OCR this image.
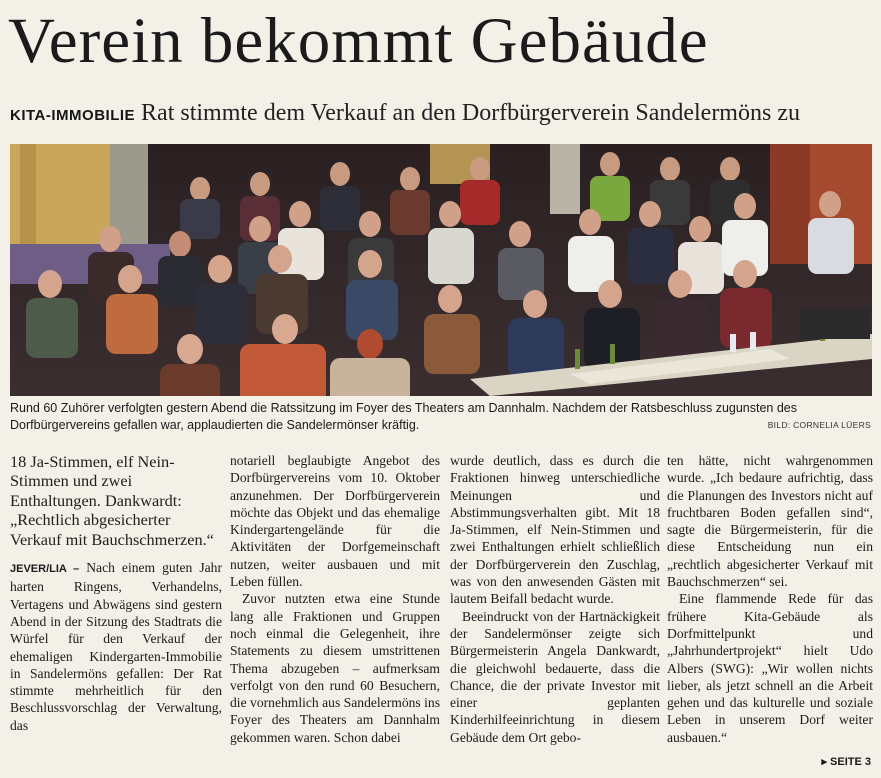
Verein bekommt Gebäude
KITA-IMMOBILIE Rat stimmte dem Verkauf an den Dorfbürgerverein Sandelermöns zu
Rund 60 Zuhörer verfolgten gestern Abend die Ratssitzung im Foyer des Theaters am Dannhalm. Nachdem der Ratsbeschluss zugunsten des Dorfbürgervereins gefallen war, applaudierten die Sandelermönser kräftig.	BILD: CORNELIA LÜERS

18 Ja-Stimmen, elf Nein-Stimmen und zwei Enthaltungen. Dankwardt: „Rechtlich abgesicherter Verkauf mit Bauchschmerzen.“

JEVER/LIA – Nach einem guten Jahr harten Ringens, Verhandelns, Vertagens und Abwägens sind gestern Abend in der Sitzung des Stadtrats die Würfel für den Verkauf der ehemaligen Kindergarten-Immobilie in Sandelermöns gefallen: Der Rat stimmte mehrheitlich für den Beschlussvorschlag der Verwaltung, das

notariell beglaubigte Angebot des Dorfbürgervereins vom 10. Oktober anzunehmen. Der Dorfbürgerverein möchte das Objekt und das ehemalige Kindergartengelände für die Aktivitäten der Dorfgemeinschaft nutzen, weiter ausbauen und mit Leben füllen.

Zuvor nutzten etwa eine Stunde lang alle Fraktionen und Gruppen noch einmal die Gelegenheit, ihre Statements zu diesem umstrittenen Thema abzugeben – aufmerksam verfolgt von den rund 60 Besuchern, die vornehmlich aus Sandelermöns ins Foyer des Theaters am Dannhalm gekommen waren. Schon dabei

wurde deutlich, dass es durch die Fraktionen hinweg unterschiedliche Meinungen und Abstimmungsverhalten gibt. Mit 18 Ja-Stimmen, elf Nein-Stimmen und zwei Enthaltungen erhielt schließlich der Dorfbürgerverein den Zuschlag, was von den anwesenden Gästen mit lautem Beifall bedacht wurde.

Beeindruckt von der Hartnäckigkeit der Sandelermönser zeigte sich Bürgermeisterin Angela Dankwardt, die gleichwohl bedauerte, dass die Chance, die der private Investor mit einer geplanten Kinderhilfeeinrichtung in diesem Gebäude dem Ort gebo-

ten hätte, nicht wahrgenommen wurde. „Ich bedaure aufrichtig, dass die Planungen des Investors nicht auf fruchtbaren Boden gefallen sind“, sagte die Bürgermeisterin, für die diese Entscheidung nun ein „rechtlich abgesicherter Verkauf mit Bauchschmerzen“ sei.

Eine flammende Rede für das frühere Kita-Gebäude als Dorfmittelpunkt und „Jahrhundertprojekt“ hielt Udo Albers (SWG): „Wir wollen nichts lieber, als jetzt schnell an die Arbeit gehen und das kulturelle und soziale Leben in unserem Dorf weiter ausbauen.“

▸ SEITE 3
